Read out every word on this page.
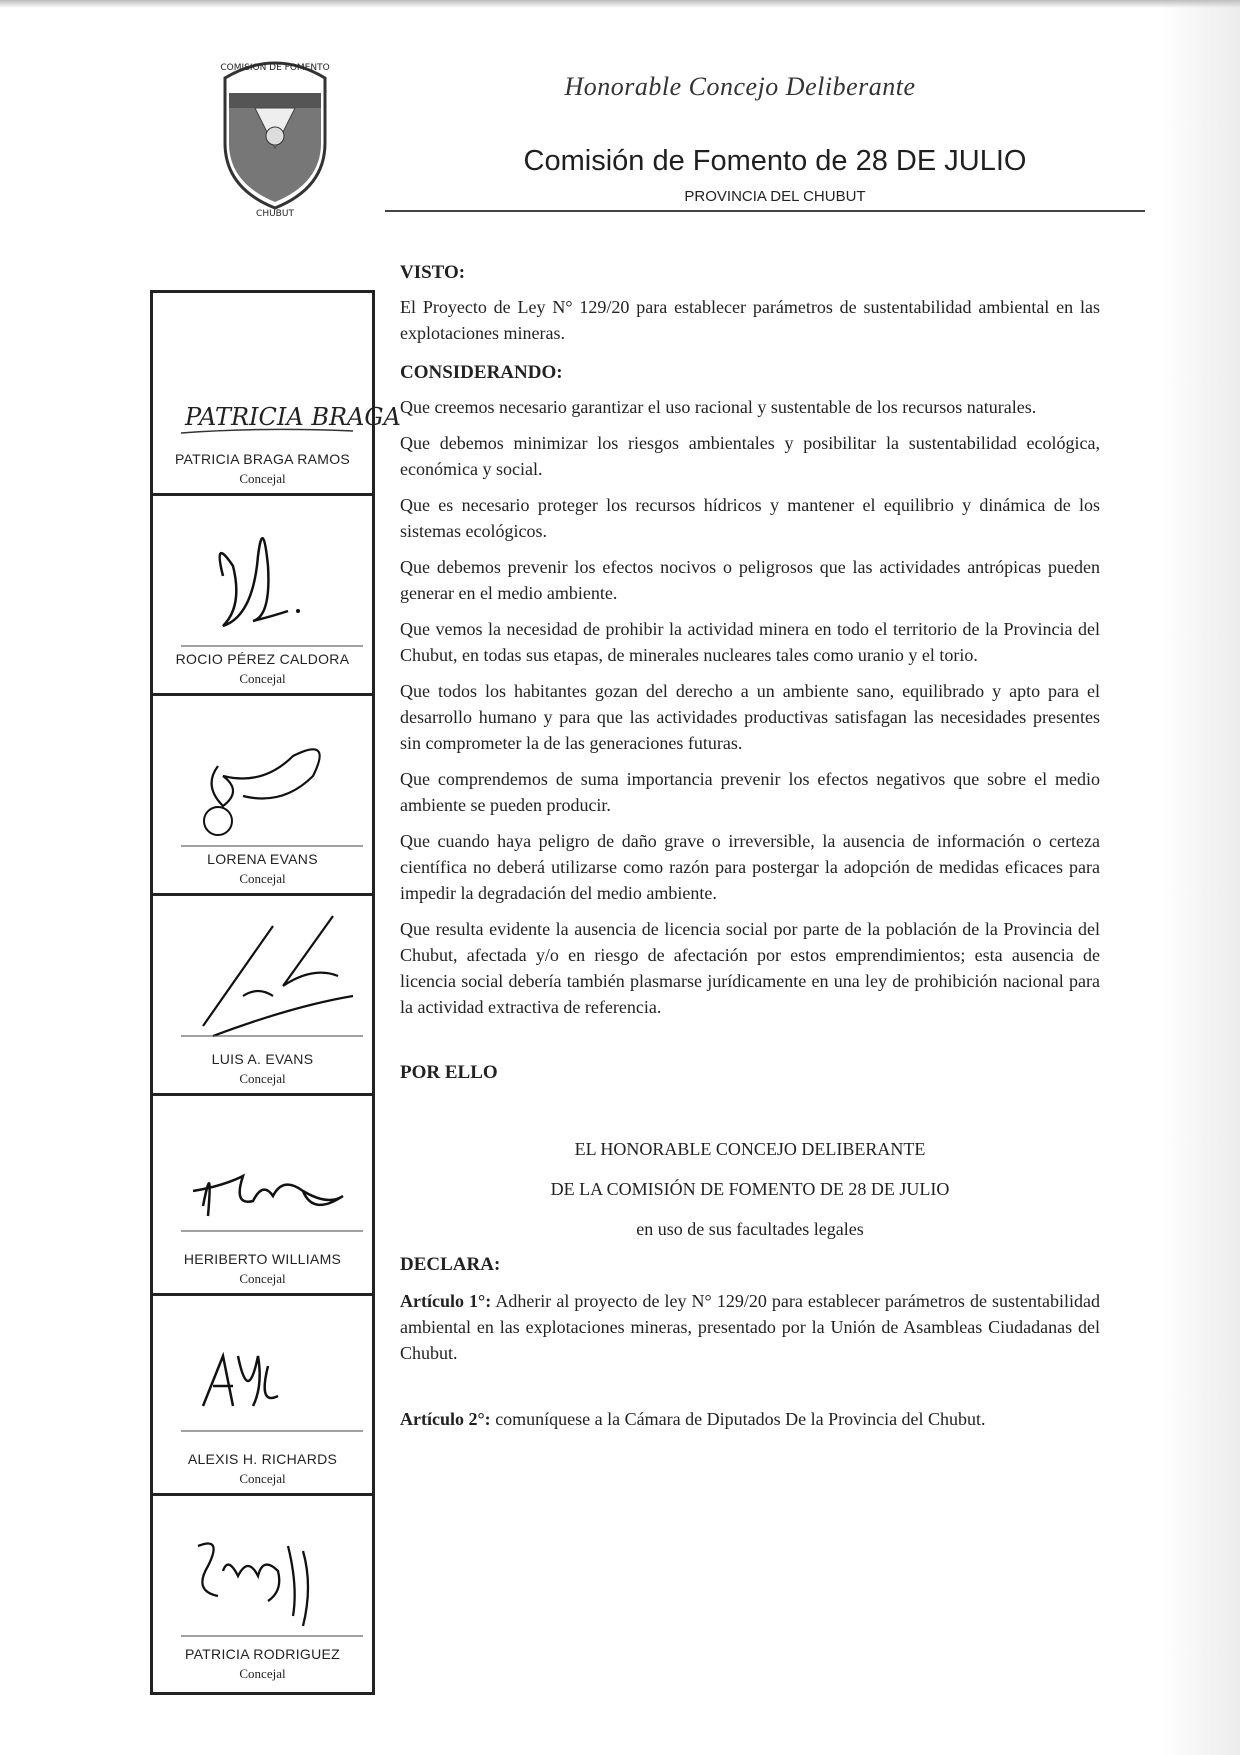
COMISION DE FOMENTO
CHUBUT
Honorable Concejo Deliberante
Comisión de Fomento de 28 DE JULIO
PROVINCIA DEL CHUBUT
PATRICIA BRAGA
PATRICIA BRAGA RAMOS
Concejal
ROCIO PÉREZ CALDORA
Concejal
LORENA EVANS
Concejal
LUIS A. EVANS
Concejal
HERIBERTO WILLIAMS
Concejal
ALEXIS H. RICHARDS
Concejal
PATRICIA RODRIGUEZ
Concejal
VISTO:

El Proyecto de Ley N° 129/20 para establecer parámetros de sustentabilidad ambiental en las explotaciones mineras.

CONSIDERANDO:

Que creemos necesario garantizar el uso racional y sustentable de los recursos naturales.

Que debemos minimizar los riesgos ambientales y posibilitar la sustentabilidad ecológica, económica y social.

Que es necesario proteger los recursos hídricos y mantener el equilibrio y dinámica de los sistemas ecológicos.

Que debemos prevenir los efectos nocivos o peligrosos que las actividades antrópicas pueden generar en el medio ambiente.

Que vemos la necesidad de prohibir la actividad minera en todo el territorio de la Provincia del Chubut, en todas sus etapas, de minerales nucleares tales como uranio y el torio.

Que todos los habitantes gozan del derecho a un ambiente sano, equilibrado y apto para el desarrollo humano y para que las actividades productivas satisfagan las necesidades presentes sin comprometer la de las generaciones futuras.

Que comprendemos de suma importancia prevenir los efectos negativos que sobre el medio ambiente se pueden producir.

Que cuando haya peligro de daño grave o irreversible, la ausencia de información o certeza científica no deberá utilizarse como razón para postergar la adopción de medidas eficaces para impedir la degradación del medio ambiente.

Que resulta evidente la ausencia de licencia social por parte de la población de la Provincia del Chubut, afectada y/o en riesgo de afectación por estos emprendimientos; esta ausencia de licencia social debería también plasmarse jurídicamente en una ley de prohibición nacional para la actividad extractiva de referencia.

POR ELLO
EL HONORABLE CONCEJO DELIBERANTE
DE LA COMISIÓN DE FOMENTO DE 28 DE JULIO
en uso de sus facultades legales
DECLARA:

Artículo 1°: Adherir al proyecto de ley N° 129/20 para establecer parámetros de sustentabilidad ambiental en las explotaciones mineras, presentado por la Unión de Asambleas Ciudadanas del Chubut.

Artículo 2°: comuníquese a la Cámara de Diputados De la Provincia del Chubut.
